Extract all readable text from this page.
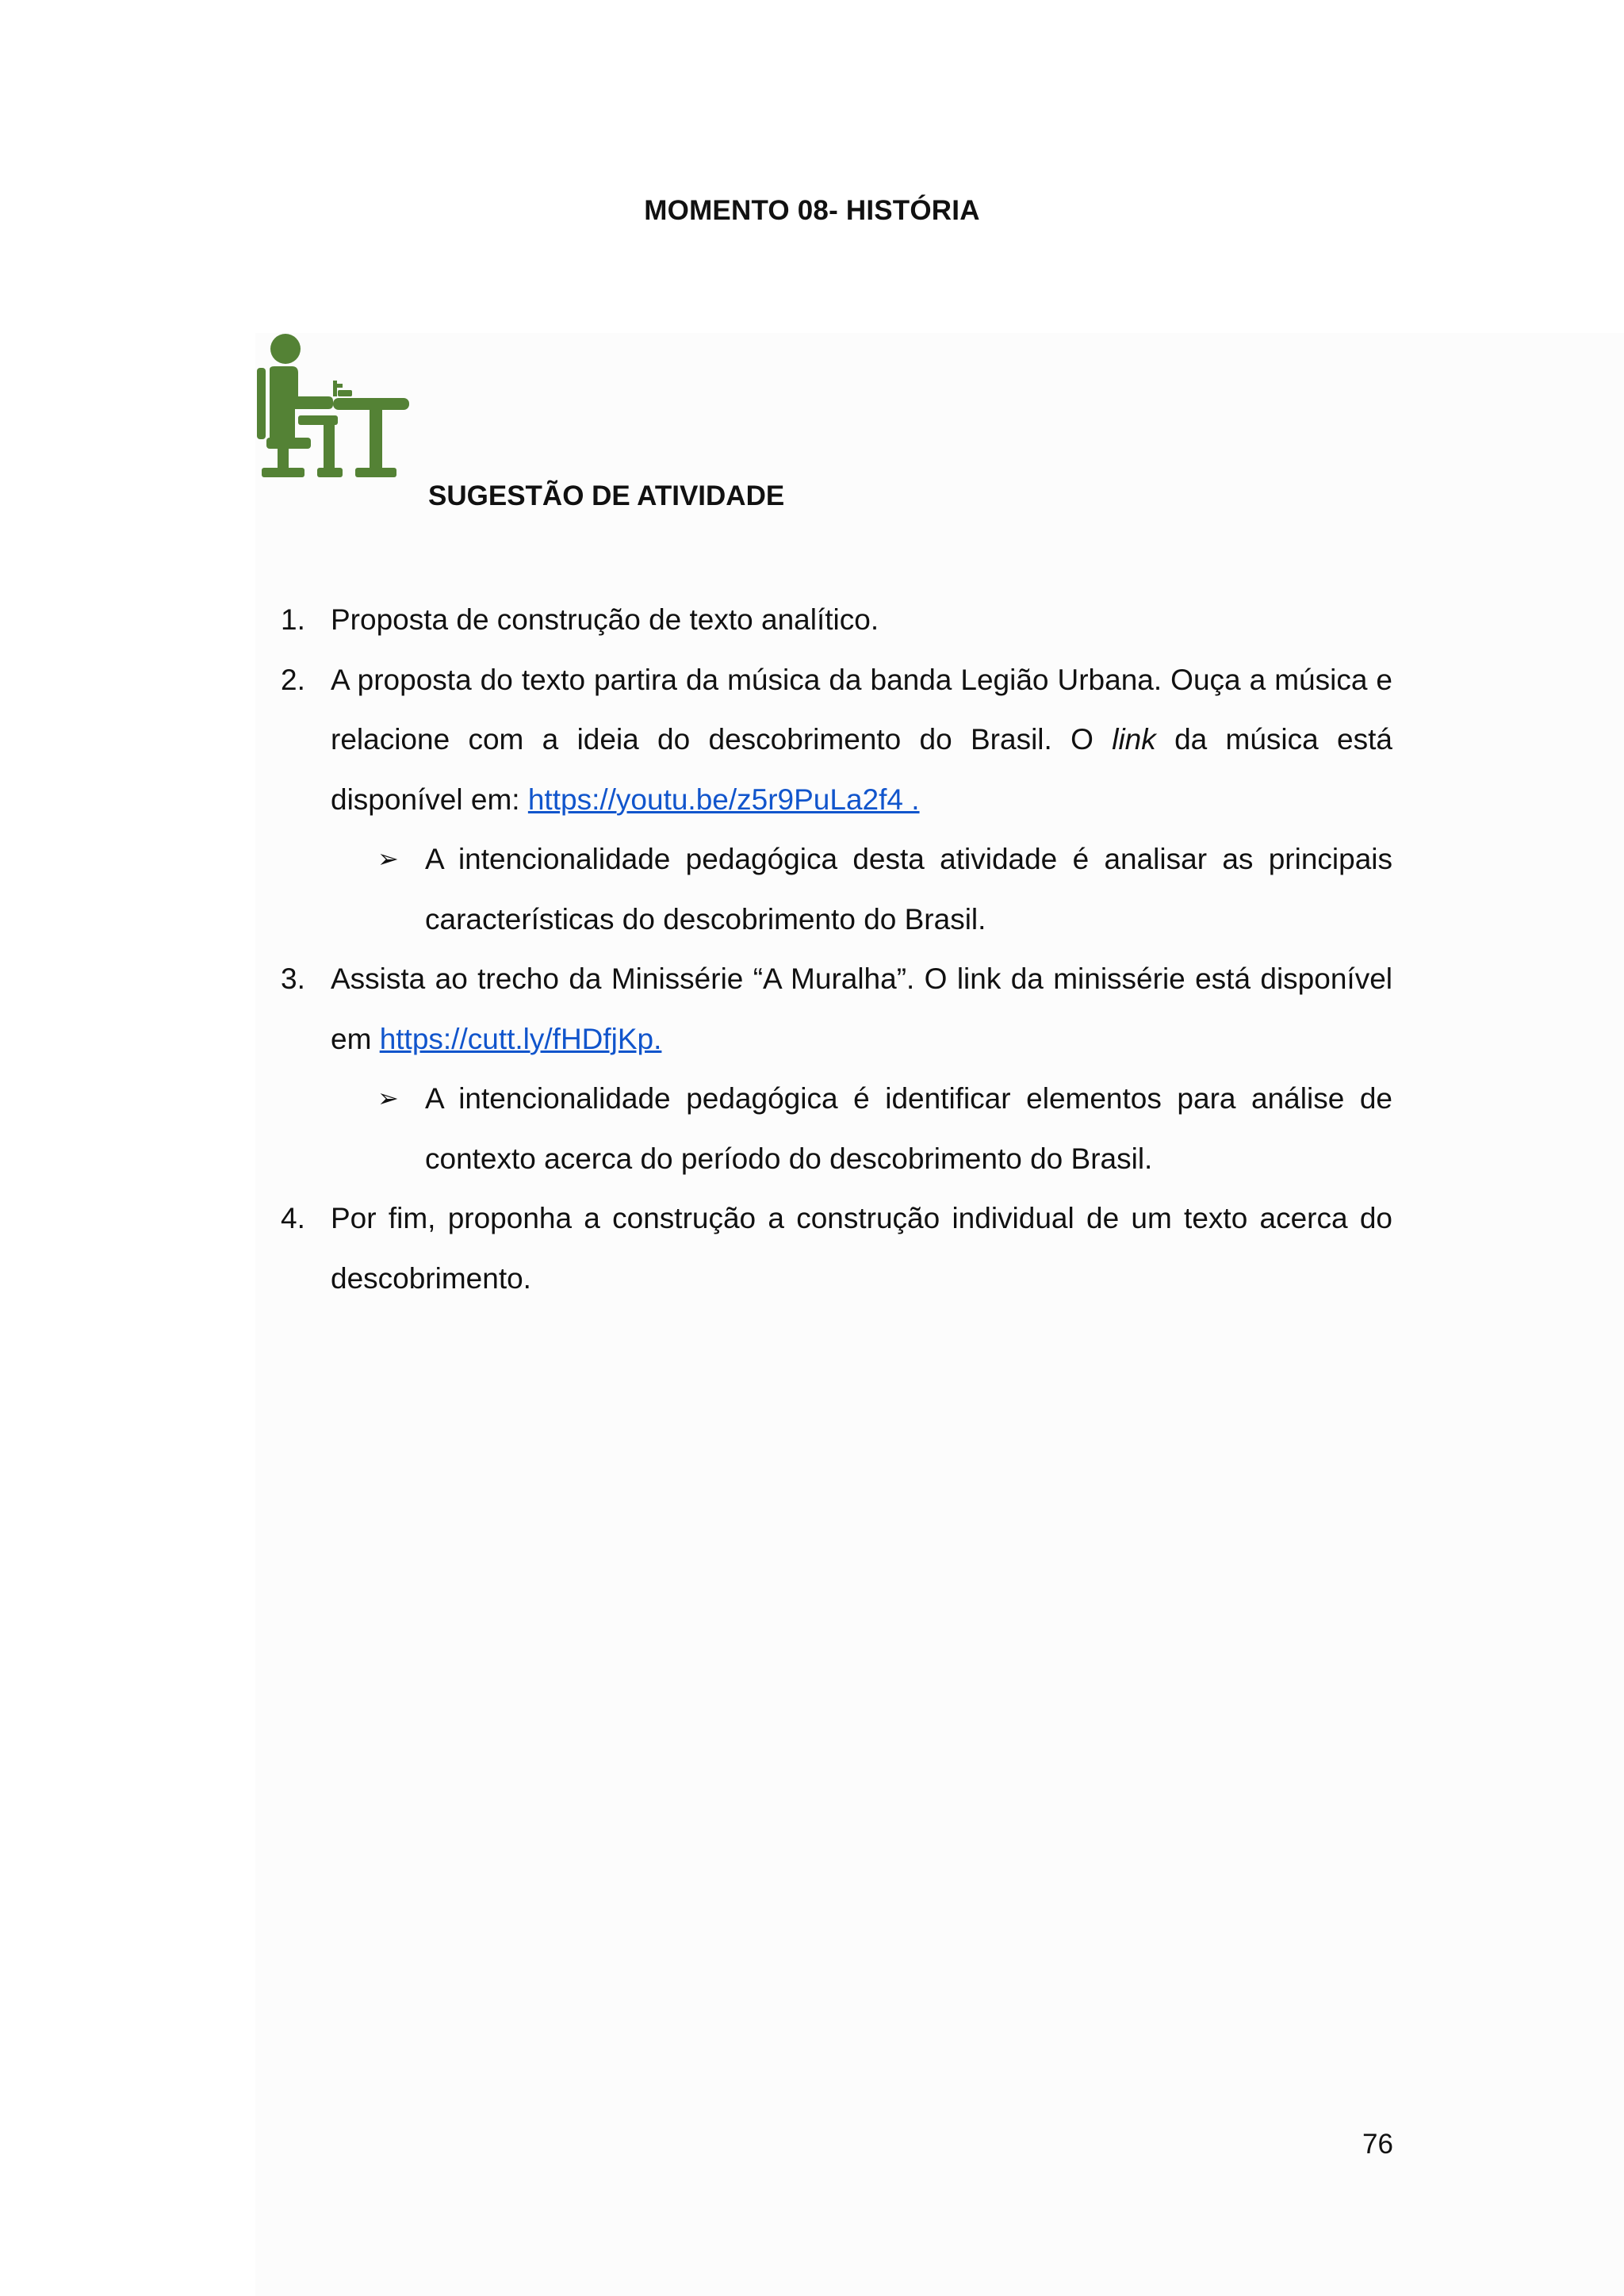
MOMENTO 08- HISTÓRIA
SUGESTÃO DE ATIVIDADE
1. Proposta de construção de texto analítico.
2. A proposta do texto partira da música da banda Legião Urbana. Ouça a música e relacione com a ideia do descobrimento do Brasil. O link da música está disponível em: https://youtu.be/z5r9PuLa2f4 .
➢ A intencionalidade pedagógica desta atividade é analisar as principais características do descobrimento do Brasil.
3. Assista ao trecho da Minissérie “A Muralha”. O link da minissérie está disponível em https://cutt.ly/fHDfjKp.
➢ A intencionalidade pedagógica é identificar elementos para análise de contexto acerca do período do descobrimento do Brasil.
4. Por fim, proponha a construção a construção individual de um texto acerca do descobrimento.
76
